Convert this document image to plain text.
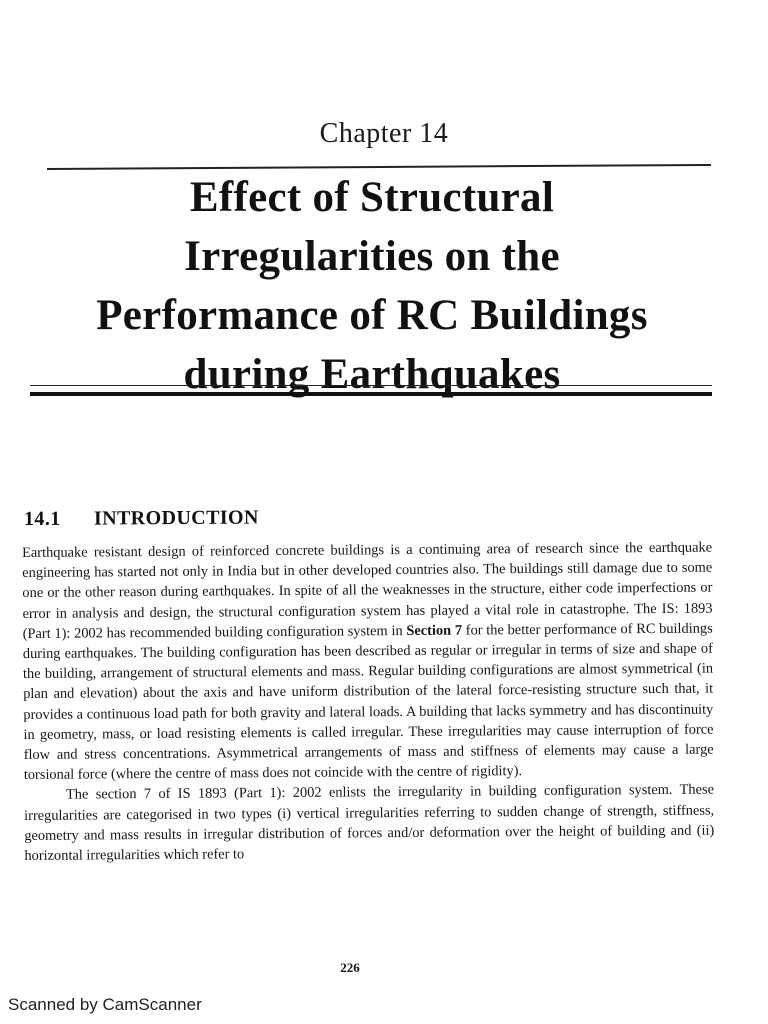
Chapter 14
Effect of Structural
Irregularities on the
Performance of RC Buildings
during Earthquakes
14.1 INTRODUCTION

Earthquake resistant design of reinforced concrete buildings is a continuing area of research since the earthquake engineering has started not only in India but in other developed countries also. The buildings still damage due to some one or the other reason during earthquakes. In spite of all the weaknesses in the structure, either code imperfections or error in analysis and design, the structural configuration system has played a vital role in catastrophe. The IS: 1893 (Part 1): 2002 has recommended building configuration system in Section 7 for the better performance of RC buildings during earthquakes. The building configuration has been described as regular or irregular in terms of size and shape of the building, arrangement of structural elements and mass. Regular building configurations are almost symmetrical (in plan and elevation) about the axis and have uniform distribution of the lateral force-resisting structure such that, it provides a continuous load path for both gravity and lateral loads. A building that lacks symmetry and has discontinuity in geometry, mass, or load resisting elements is called irregular. These irregularities may cause interruption of force flow and stress concentrations. Asymmetrical arrangements of mass and stiffness of elements may cause a large torsional force (where the centre of mass does not coincide with the centre of rigidity).

The section 7 of IS 1893 (Part 1): 2002 enlists the irregularity in building configuration system. These irregularities are categorised in two types (i) vertical irregularities referring to sudden change of strength, stiffness, geometry and mass results in irregular distribution of forces and/or deformation over the height of building and (ii) horizontal irregularities which refer to

226
Scanned by CamScanner
